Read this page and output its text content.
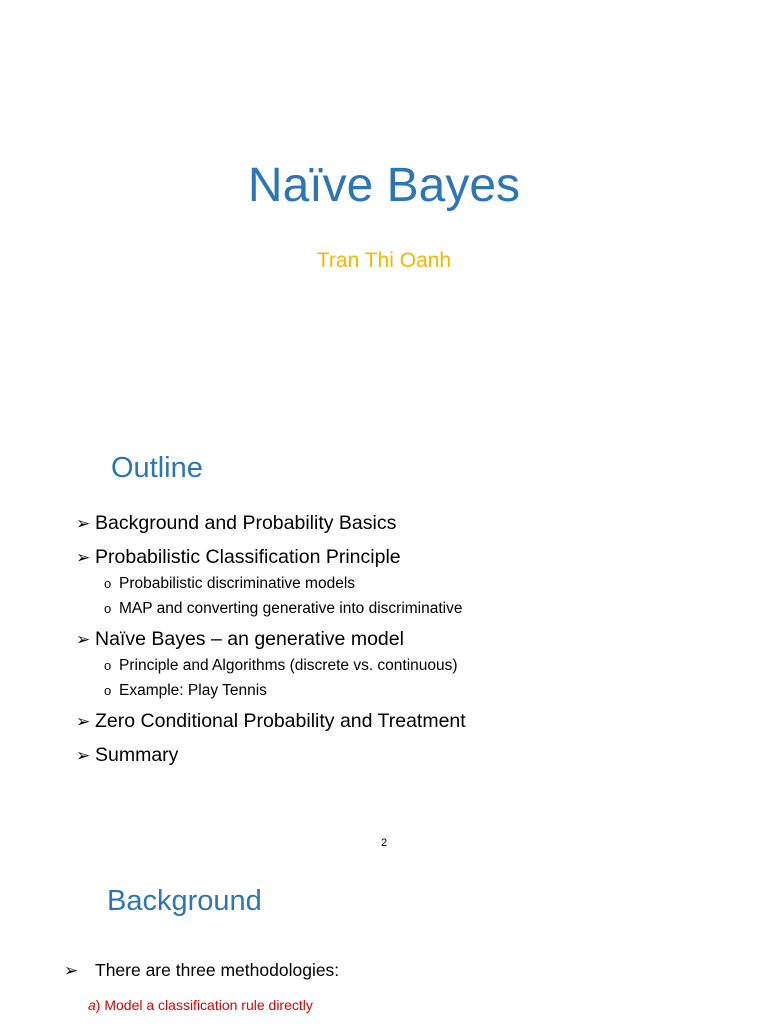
Naïve Bayes
Tran Thi Oanh
Outline
➢ Background and Probability Basics
➢ Probabilistic Classification Principle
o Probabilistic discriminative models
o MAP and converting generative into discriminative
➢ Naïve Bayes – an generative model
o Principle and Algorithms (discrete vs. continuous)
o Example: Play Tennis
➢ Zero Conditional Probability and Treatment
➢ Summary
2
Background
➢ There are three methodologies:
a) Model a classification rule directly
